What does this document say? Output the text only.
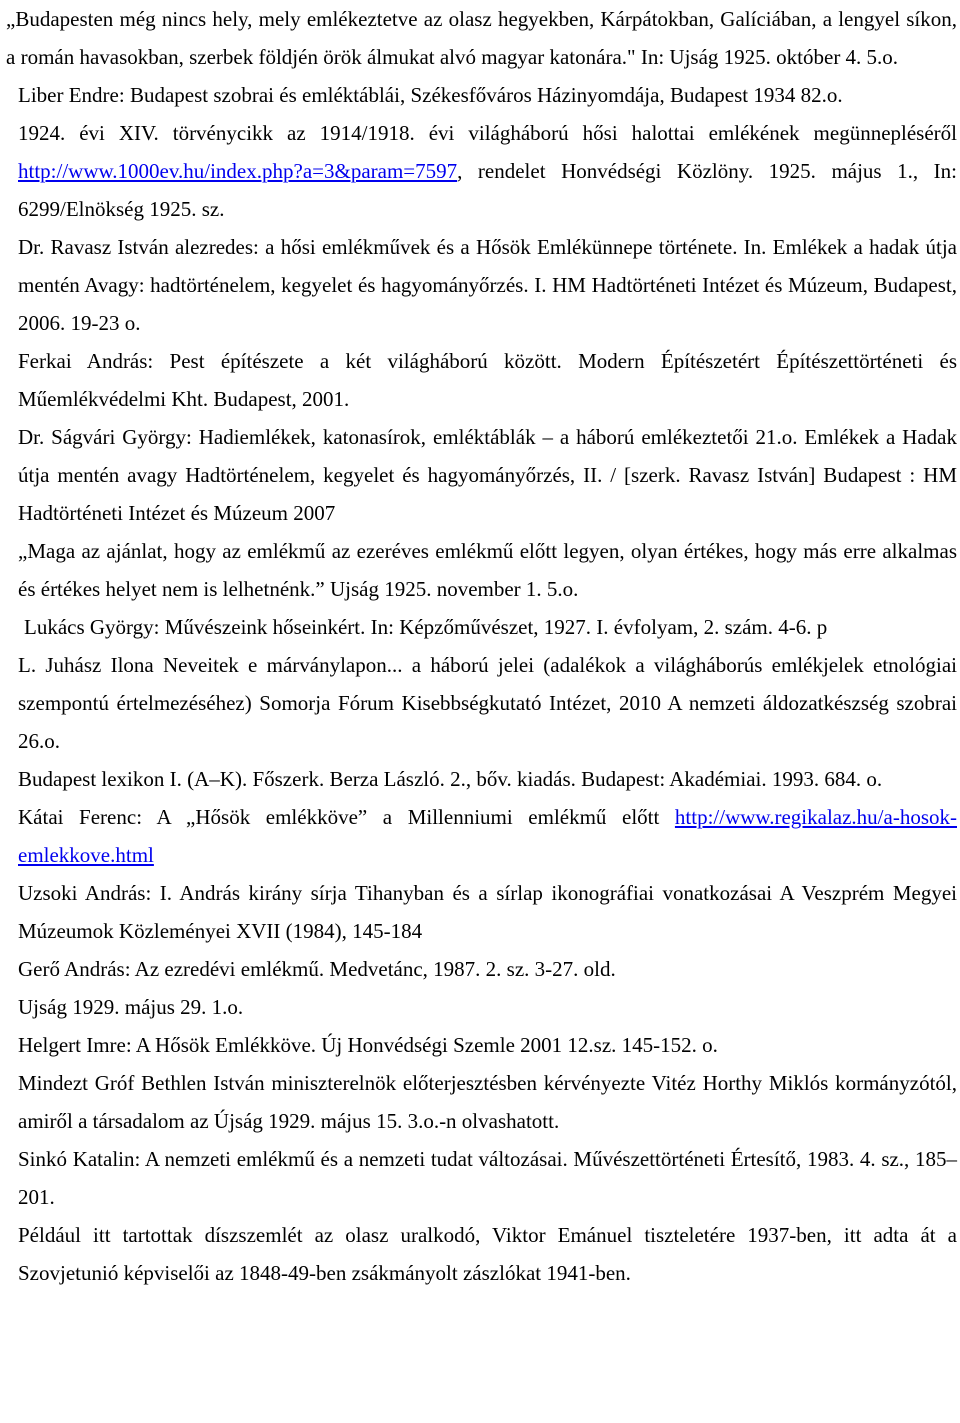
„Budapesten még nincs hely, mely emlékeztetve az olasz hegyekben, Kárpátokban, Galíciában, a lengyel síkon, a román havasokban, szerbek földjén örök álmukat alvó magyar katonára." In: Ujság 1925. október 4. 5.o.

Liber Endre: Budapest szobrai és emléktáblái, Székesfőváros Házinyomdája, Budapest 1934 82.o.

1924. évi XIV. törvénycikk az 1914/1918. évi világháború hősi halottai emlékének megünnepléséről http://www.1000ev.hu/index.php?a=3&param=7597, rendelet Honvédségi Közlöny. 1925. május 1., In: 6299/Elnökség 1925. sz.

Dr. Ravasz István alezredes: a hősi emlékművek és a Hősök Emlékünnepe története. In. Emlékek a hadak útja mentén Avagy: hadtörténelem, kegyelet és hagyományőrzés. I. HM Hadtörténeti Intézet és Múzeum, Budapest, 2006. 19-23 o.

Ferkai András: Pest építészete a két világháború között. Modern Építészetért Építészettörténeti és Műemlékvédelmi Kht. Budapest, 2001.

Dr. Ságvári György: Hadiemlékek, katonasírok, emléktáblák – a háború emlékeztetői 21.o. Emlékek a Hadak útja mentén avagy Hadtörténelem, kegyelet és hagyományőrzés, II. / [szerk. Ravasz István] Budapest : HM Hadtörténeti Intézet és Múzeum 2007

„Maga az ajánlat, hogy az emlékmű az ezeréves emlékmű előtt legyen, olyan értékes, hogy más erre alkalmas és értékes helyet nem is lelhetnénk.” Ujság 1925. november 1. 5.o.

Lukács György: Művészeink hőseinkért. In: Képzőművészet, 1927. I. évfolyam, 2. szám. 4-6. p

L. Juhász Ilona Neveitek e márványlapon... a háború jelei (adalékok a világháborús emlékjelek etnológiai szempontú értelmezéséhez) Somorja Fórum Kisebbségkutató Intézet, 2010 A nemzeti áldozatkészség szobrai 26.o.

Budapest lexikon I. (A–K). Főszerk. Berza László. 2., bőv. kiadás. Budapest: Akadémiai. 1993. 684. o.

Kátai Ferenc: A „Hősök emlékköve” a Millenniumi emlékmű előtt http://www.regikalaz.hu/a-hosok-emlekkove.html

Uzsoki András: I. András kirány sírja Tihanyban és a sírlap ikonográfiai vonatkozásai A Veszprém Megyei Múzeumok Közleményei XVII (1984), 145-184

Gerő András: Az ezredévi emlékmű. Medvetánc, 1987. 2. sz. 3-27. old.

Ujság 1929. május 29. 1.o.

Helgert Imre: A Hősök Emlékköve. Új Honvédségi Szemle 2001 12.sz. 145-152. o.

Mindezt Gróf Bethlen István miniszterelnök előterjesztésben kérvényezte Vitéz Horthy Miklós kormányzótól, amiről a társadalom az Újság 1929. május 15. 3.o.-n olvashatott.

Sinkó Katalin: A nemzeti emlékmű és a nemzeti tudat változásai. Művészettörténeti Értesítő, 1983. 4. sz., 185–201.

Például itt tartottak díszszemlét az olasz uralkodó, Viktor Emánuel tiszteletére 1937-ben, itt adta át a Szovjetunió képviselői az 1848-49-ben zsákmányolt zászlókat 1941-ben.
